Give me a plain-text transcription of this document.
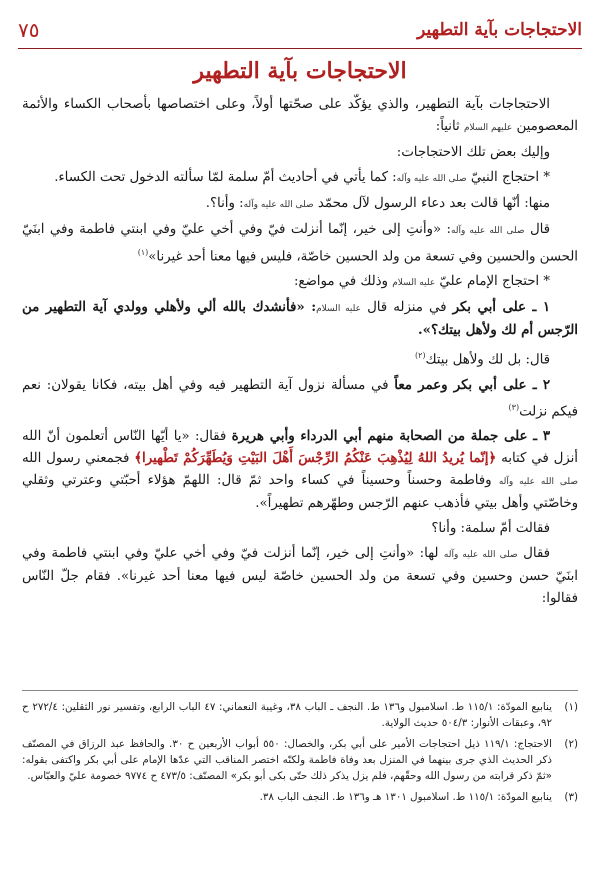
الاحتجاجات بآية التطهير
٧٥
الاحتجاجات بآية التطهير

الاحتجاجات بآية التطهير، والذي يؤكّد على صحّتها أولاً، وعلى اختصاصها بأصحاب الكساء والأئمة المعصومين عليهم السلام ثانياً:

وإليك بعض تلك الاحتجاجات:

* احتجاج النبيّ صلى الله عليه وآله: كما يأتي في أحاديث أمّ سلمة لمّا سألته الدخول تحت الكساء.

منها: أنّها قالت بعد دعاء الرسول لآل محمّد صلى الله عليه وآله: وأنا؟.

قال صلى الله عليه وآله: «وأنتِ إلى خير، إنّما أنزلت فيّ وفي أخي عليّ وفي ابنتي فاطمة وفي ابنَيّ الحسن والحسين وفي تسعة من ولد الحسين خاصّة، فليس فيها معنا أحد غيرنا»$^{(١)}$

* احتجاج الإمام عليّ عليه السلام وذلك في مواضع:

١ ـ على أبي بكر في منزله قال عليه السلام: «فأنشدك بالله ألي ولأهلي وولدي آية التطهير من الرّجس أم لك ولأهل بيتك؟».

قال: بل لك ولأهل بيتك$^{(٢)}$

٢ ـ على أبي بكر وعمر معاً في مسألة نزول آية التطهير فيه وفي أهل بيته، فكانا يقولان: نعم فيكم نزلت$^{(٣)}$

٣ ـ على جملة من الصحابة منهم أبي الدرداء وأبي هريرة فقال: «يا أيّها النّاس أتعلمون أنّ الله أنزل في كتابه ﴿إنّما يُريدُ اللهُ لِيُذْهِبَ عَنْكُمُ الرِّجْسَ أَهْلَ البَيْتِ وَيُطَهِّرَكُمْ تَطْهيرا﴾ فجمعني رسول الله صلى الله عليه وآله وفاطمة وحسناً وحسيناً في كساء واحد ثمّ قال: اللهمّ هؤلاء أحبّتي وعترتي وثقلي وخاصّتي وأهل بيتي فأذهب عنهم الرّجس وطهّرهم تطهيراً».

فقالت أمّ سلمة: وأنا؟

فقال صلى الله عليه وآله لها: «وأنتِ إلى خير، إنّما أنزلت فيّ وفي أخي عليّ وفي ابنتي فاطمة وفي ابنَيّ حسن وحسين وفي تسعة من ولد الحسين خاصّة ليس فيها معنا أحد غيرنا». فقام جلّ النّاس فقالوا:

(١)
ينابيع المودّة: ١١٥/١ ط. اسلامبول و١٣٦ ط. النجف ـ الباب ٣٨، وغيبة النعماني: ٤٧ الباب الرابع، وتفسير نور الثقلين: ٢٧٢/٤ ح ٩٢، وعبقات الأنوار: ٥٠٤/٣ حديث الولاية.
(٢)
الاحتجاج: ١١٩/١ ذيل احتجاجات الأمير على أبي بكر، والخصال: ٥٥٠ أبواب الأربعين ح ٣٠. والحافظ عبد الرزاق في المصنّف ذكر الحديث الذي جرى بينهما في المنزل بعد وفاة فاطمة ولكنّه اختصر المناقب التي عدّها الإمام على أبي بكر واكتفى بقوله: «ثمّ ذكر قرابته من رسول الله وحقّهم، فلم يزل يذكر ذلك حتّى بكى أبو بكر» المصنّف: ٤٧٣/٥ ح ٩٧٧٤ خصومة عليّ والعبّاس.
(٣)
ينابيع المودّة: ١١٥/١ ط. اسلامبول ١٣٠١ هـ و١٣٦ ط. النجف الباب ٣٨.
